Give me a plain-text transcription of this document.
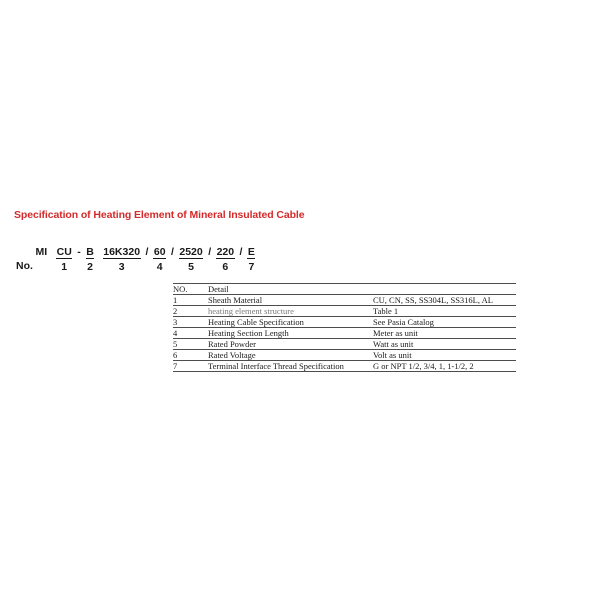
Specification of Heating Element of Mineral Insulated Cable
No.
MI
$\frac{CU}{1}$
-
$\frac{B}{2}$
$\frac{16K320}{3}$
/
$\frac{60}{4}$
/
$\frac{2520}{5}$
/
$\frac{220}{6}$
/
$\frac{E}{7}$
NO.	Detail	
1	Sheath Material	CU, CN, SS, SS304L, SS316L, AL
2	heating element structure	Table 1
3	Heating Cable Specification	See Pasia Catalog
4	Heating Section Length	Meter as unit
5	Rated Powder	Watt as unit
6	Rated Voltage	Volt as unit
7	Terminal Interface Thread Specification	G or NPT 1/2, 3/4, 1, 1-1/2, 2
